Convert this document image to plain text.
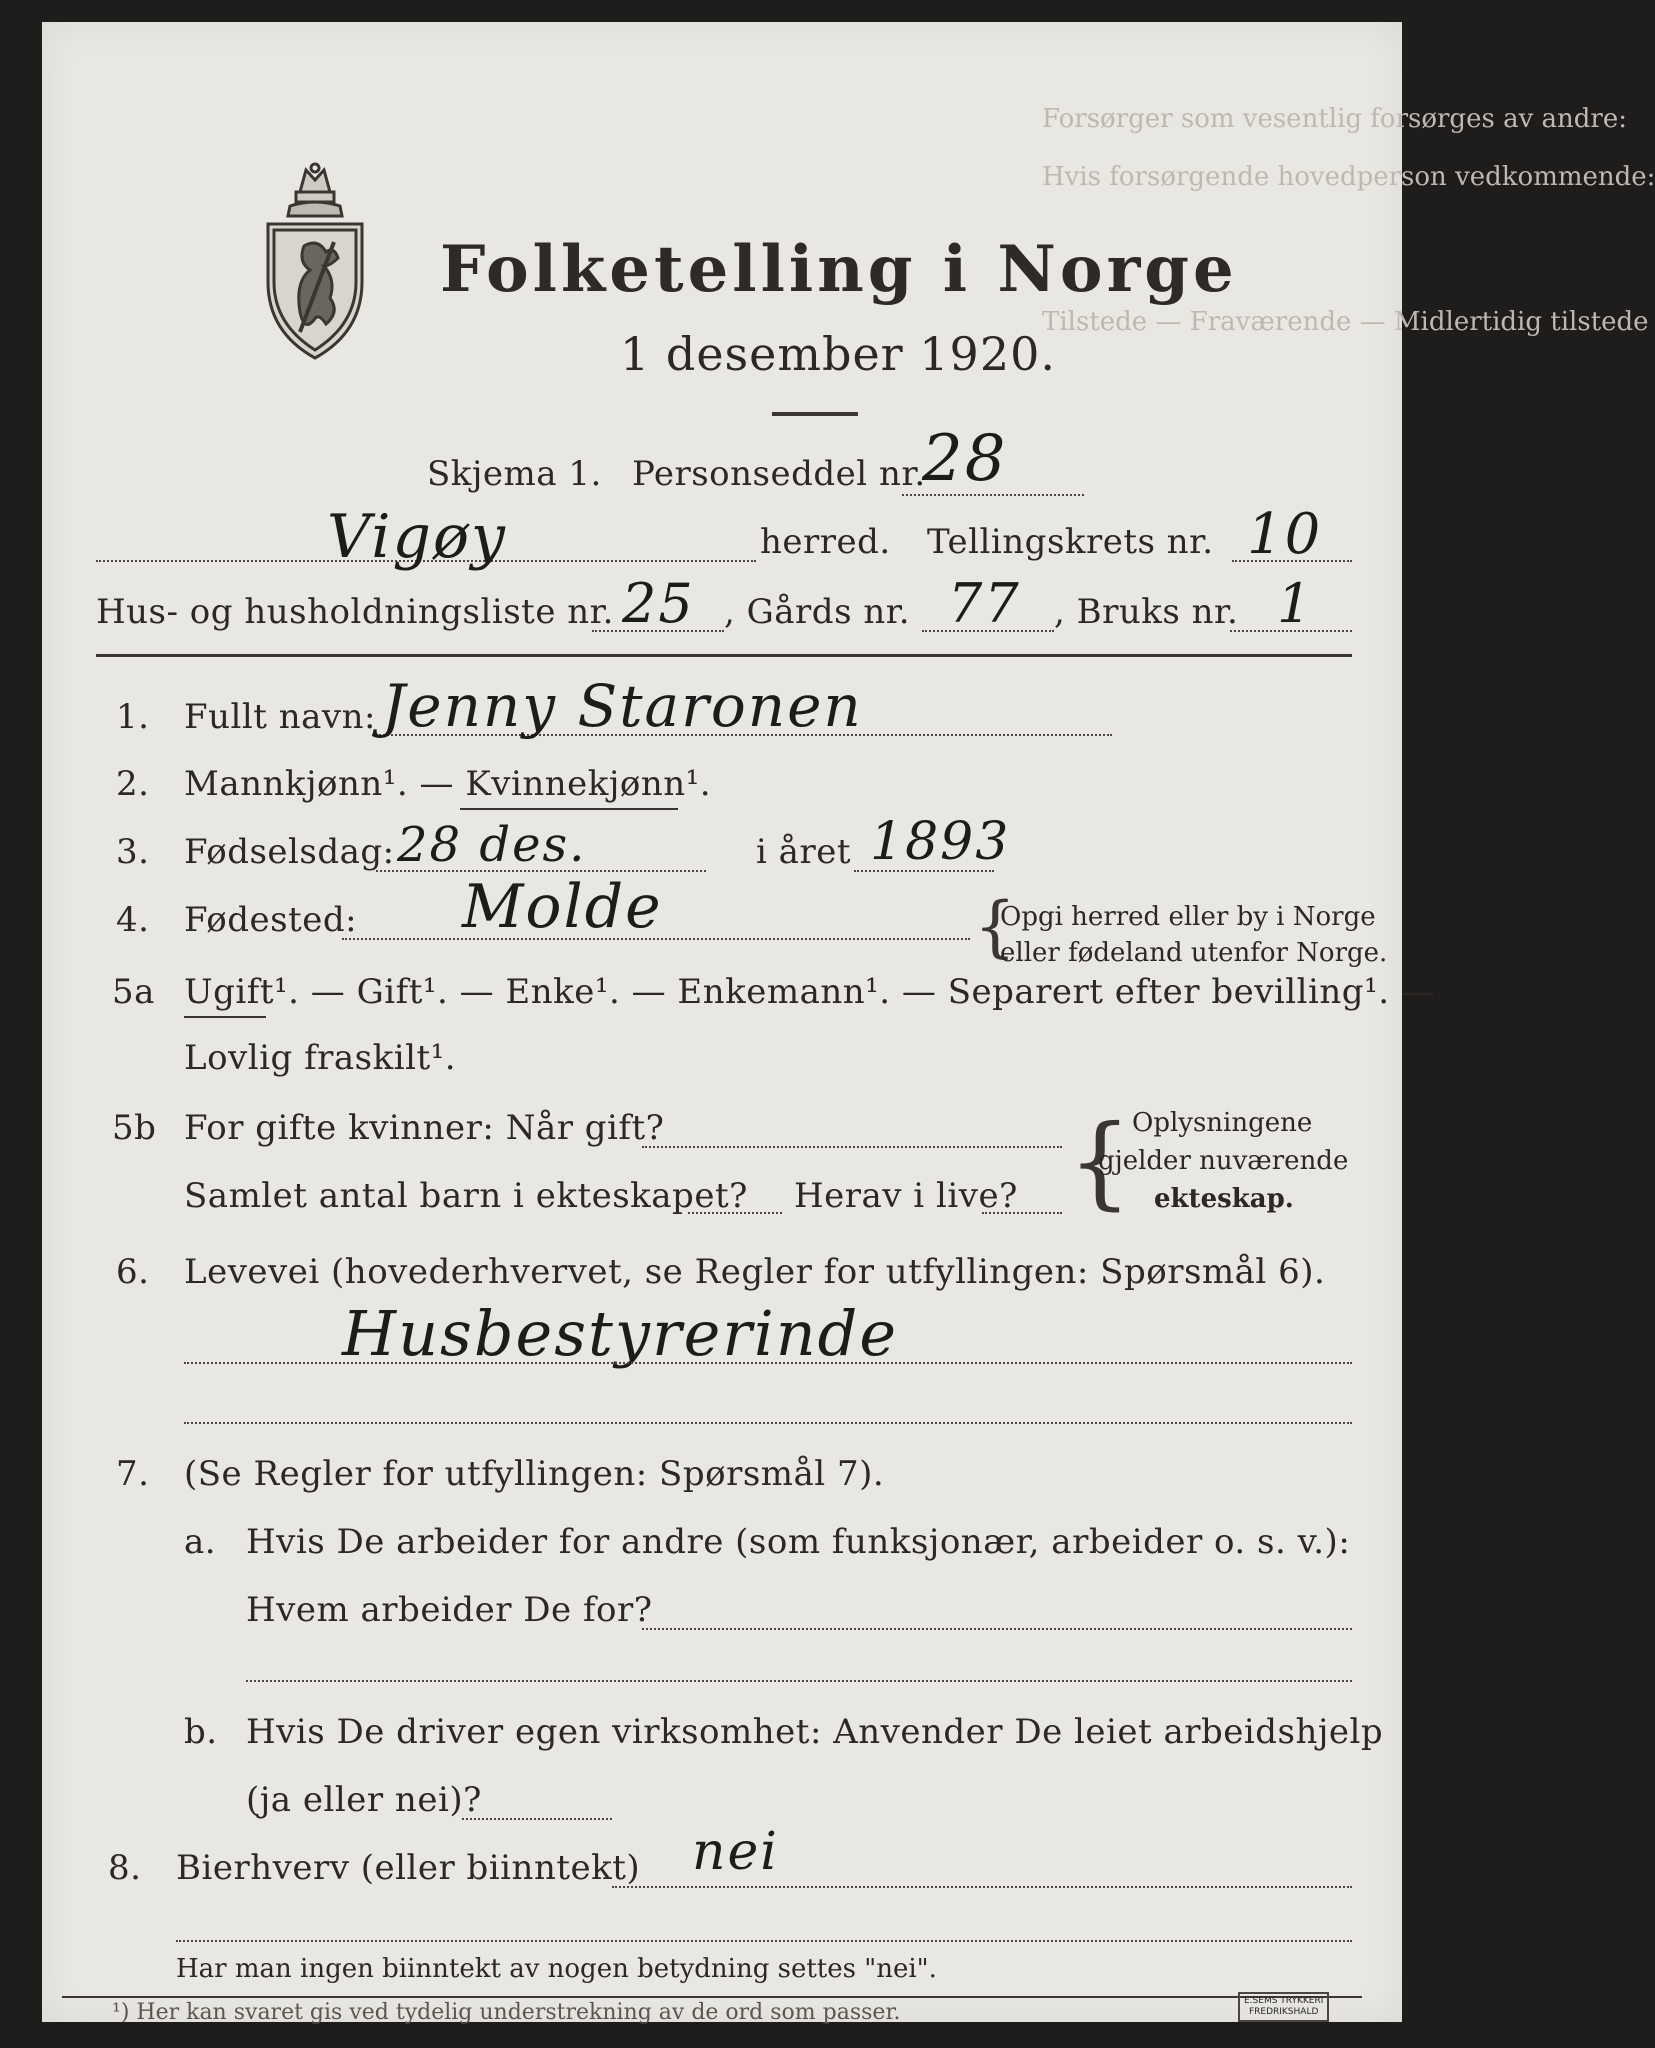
Forsørger som vesentlig forsørges av andre:
Hvis forsørgende hovedperson vedkommende:
Tilstede — Fraværende — Midlertidig tilstede
Folketelling i Norge
1 desember 1920.
Skjema 1. Personseddel nr.
28
Vigøy	herred. Tellingskrets nr. 10
Hus- og husholdningsliste nr. 25 , Gårds nr. 77 , Bruks nr. 1
1. Fullt navn: Jenny Staronen
2. Mannkjønn¹. — Kvinnekjønn¹.
3. Fødselsdag: 28 des.	i året 1893
4. Fødested: Molde	{
Opgi herred eller by i Norge
eller fødeland utenfor Norge.
5a Ugift¹. — Gift¹. — Enke¹. — Enkemann¹. — Separert efter bevilling¹. —
Lovlig fraskilt¹.
5b For gifte kvinner: Når gift?
Samlet antal barn i ekteskapet? Herav i live? { Oplysningene
gjelder nuværende
ekteskap.
6. Levevei (hovederhvervet, se Regler for utfyllingen: Spørsmål 6).
Husbestyrerinde
7. (Se Regler for utfyllingen: Spørsmål 7).
a. Hvis De arbeider for andre (som funksjonær, arbeider o. s. v.):
Hvem arbeider De for?
b. Hvis De driver egen virksomhet: Anvender De leiet arbeidshjelp
(ja eller nei)?
8. Bierhverv (eller biinntekt) nei
Har man ingen biinntekt av nogen betydning settes "nei".
¹) Her kan svaret gis ved tydelig understrekning av de ord som passer.	E.SEMS TRYKKERI
FREDRIKSHALD
